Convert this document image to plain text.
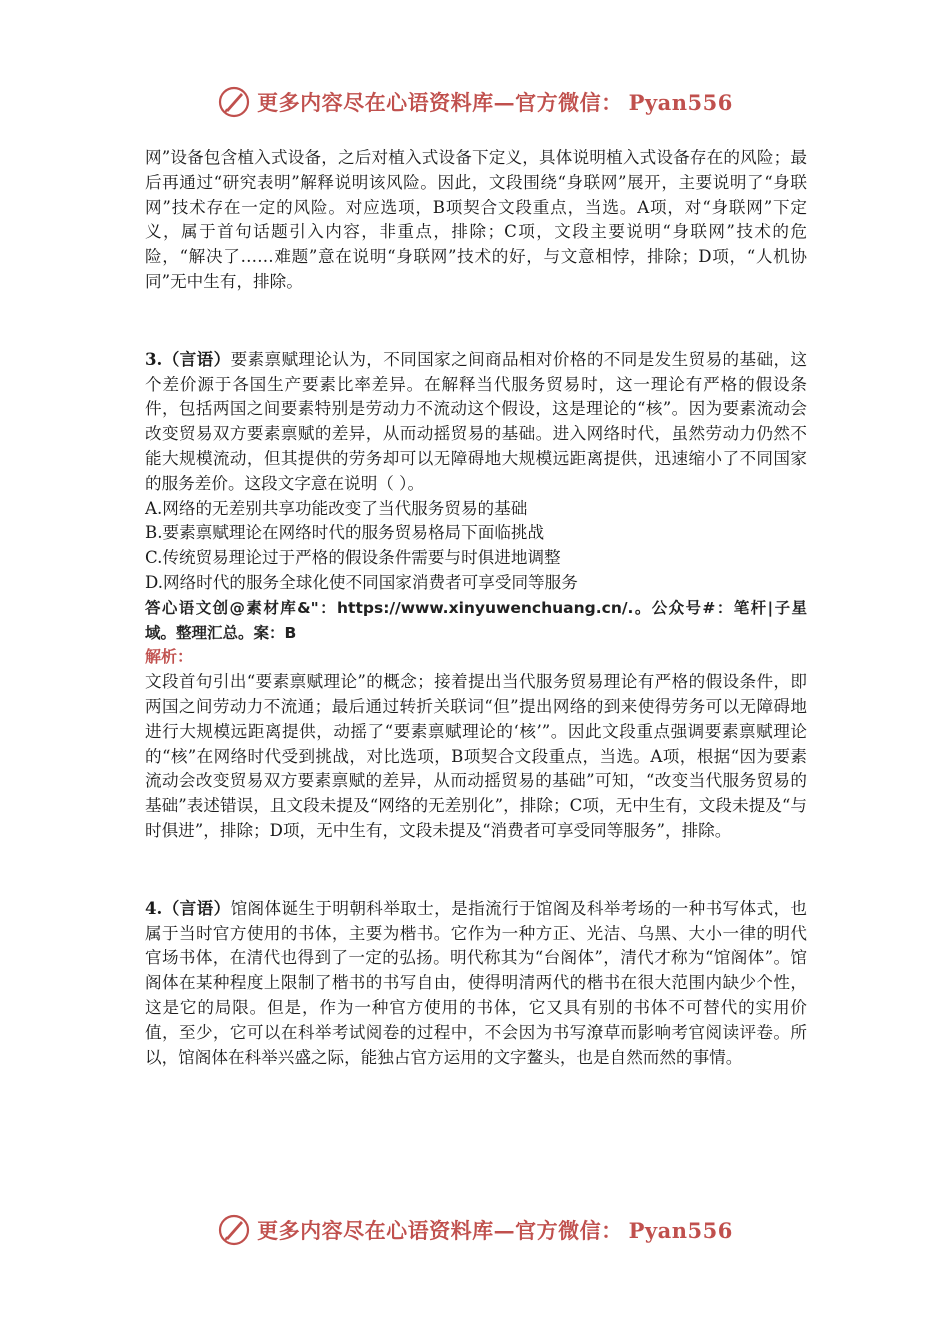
更多内容尽在心语资料库—官方微信： Pyan556

网”设备包含植入式设备，之后对植入式设备下定义，具体说明植入式设备存在的风险；最后再通过“研究表明”解释说明该风险。因此，文段围绕“身联网”展开，主要说明了“身联网”技术存在一定的风险。对应选项，B项契合文段重点，当选。A项，对“身联网”下定义，属于首句话题引入内容，非重点，排除；C项，文段主要说明“身联网”技术的危险，“解决了……难题”意在说明“身联网”技术的好，与文意相悖，排除；D项，“人机协同”无中生有，排除。

3.（言语）要素禀赋理论认为，不同国家之间商品相对价格的不同是发生贸易的基础，这个差价源于各国生产要素比率差异。在解释当代服务贸易时，这一理论有严格的假设条件，包括两国之间要素特别是劳动力不流动这个假设，这是理论的“核”。因为要素流动会改变贸易双方要素禀赋的差异，从而动摇贸易的基础。进入网络时代，虽然劳动力仍然不能大规模流动，但其提供的劳务却可以无障碍地大规模远距离提供，迅速缩小了不同国家的服务差价。这段文字意在说明（ ）。

A.网络的无差别共享功能改变了当代服务贸易的基础

B.要素禀赋理论在网络时代的服务贸易格局下面临挑战

C.传统贸易理论过于严格的假设条件需要与时俱进地调整

D.网络时代的服务全球化使不同国家消费者可享受同等服务

答心语文创@素材库&"：https://www.xinyuwenchuang.cn/.。公众号#：笔杆|子星域。整理汇总。案：B

解析：

文段首句引出“要素禀赋理论”的概念；接着提出当代服务贸易理论有严格的假设条件，即两国之间劳动力不流通；最后通过转折关联词“但”提出网络的到来使得劳务可以无障碍地进行大规模远距离提供，动摇了“要素禀赋理论的‘核’”。因此文段重点强调要素禀赋理论的“核”在网络时代受到挑战，对比选项，B项契合文段重点，当选。A项，根据“因为要素流动会改变贸易双方要素禀赋的差异，从而动摇贸易的基础”可知，“改变当代服务贸易的基础”表述错误，且文段未提及“网络的无差别化”，排除；C项，无中生有，文段未提及“与时俱进”，排除；D项，无中生有，文段未提及“消费者可享受同等服务”，排除。

4.（言语）馆阁体诞生于明朝科举取士，是指流行于馆阁及科举考场的一种书写体式，也属于当时官方使用的书体，主要为楷书。它作为一种方正、光洁、乌黑、大小一律的明代官场书体，在清代也得到了一定的弘扬。明代称其为“台阁体”，清代才称为“馆阁体”。馆阁体在某种程度上限制了楷书的书写自由，使得明清两代的楷书在很大范围内缺少个性，这是它的局限。但是，作为一种官方使用的书体，它又具有别的书体不可替代的实用价值，至少，它可以在科举考试阅卷的过程中，不会因为书写潦草而影响考官阅读评卷。所以，馆阁体在科举兴盛之际，能独占官方运用的文字鳌头，也是自然而然的事情。

更多内容尽在心语资料库—官方微信： Pyan556
